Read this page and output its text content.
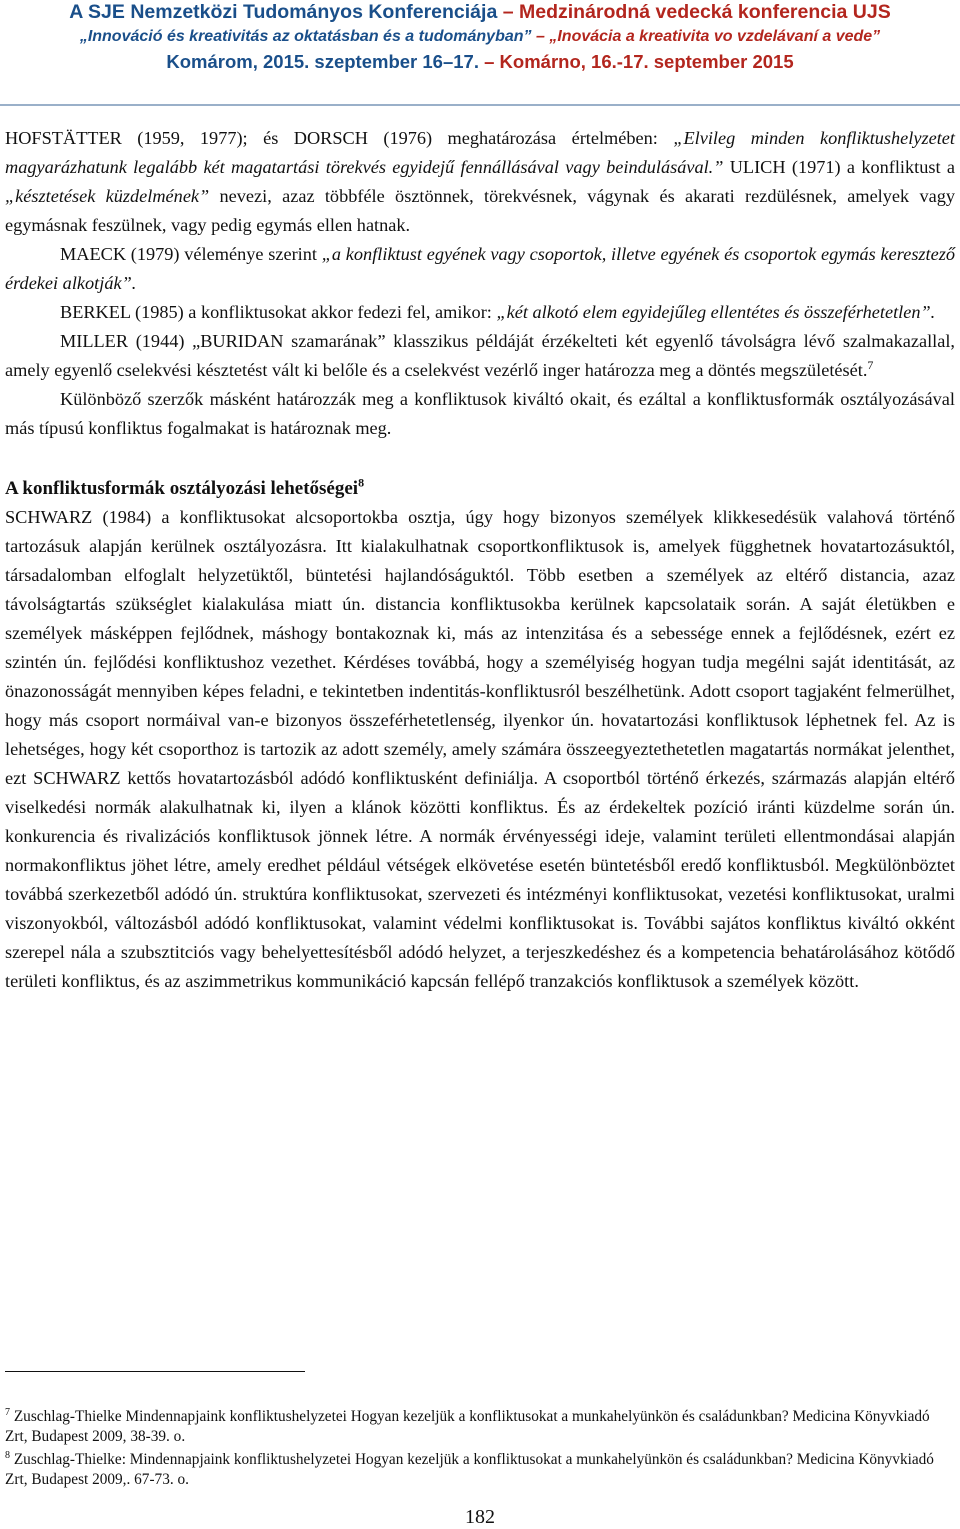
A SJE Nemzetközi Tudományos Konferenciája – Medzinárodná vedecká konferencia UJS
„Innováció és kreativitás az oktatásban és a tudományban” – „Inovácia a kreativita vo vzdelávaní a vede”
Komárom, 2015. szeptember 16–17. – Komárno, 16.-17. september 2015

HOFSTÄTTER (1959, 1977); és DORSCH (1976) meghatározása értelmében: „Elvileg minden konfliktushelyzetet magyarázhatunk legalább két magatartási törekvés egyidejű fennállásával vagy beindulásával.” ULICH (1971) a konfliktust a „késztetések küzdelmének” nevezi, azaz többféle ösztönnek, törekvésnek, vágynak és akarati rezdülésnek, amelyek vagy egymásnak feszülnek, vagy pedig egymás ellen hatnak.

MAECK (1979) véleménye szerint „a konfliktust egyének vagy csoportok, illetve egyének és csoportok egymás keresztező érdekei alkotják”.

BERKEL (1985) a konfliktusokat akkor fedezi fel, amikor: „két alkotó elem egyidejűleg ellentétes és összeférhetetlen”.

MILLER (1944) „BURIDAN szamarának” klasszikus példáját érzékelteti két egyenlő távolságra lévő szalmakazallal, amely egyenlő cselekvési késztetést vált ki belőle és a cselekvést vezérlő inger határozza meg a döntés megszületését.$^7$

Különböző szerzők másként határozzák meg a konfliktusok kiváltó okait, és ezáltal a konfliktusformák osztályozásával más típusú konfliktus fogalmakat is határoznak meg.

A konfliktusformák osztályozási lehetőségei$^8$

SCHWARZ (1984) a konfliktusokat alcsoportokba osztja, úgy hogy bizonyos személyek klikkesedésük valahová történő tartozásuk alapján kerülnek osztályozásra. Itt kialakulhatnak csoportkonfliktusok is, amelyek függhetnek hovatartozásuktól, társadalomban elfoglalt helyzetüktől, büntetési hajlandóságuktól. Több esetben a személyek az eltérő distancia, azaz távolságtartás szükséglet kialakulása miatt ún. distancia konfliktusokba kerülnek kapcsolataik során. A saját életükben e személyek másképpen fejlődnek, máshogy bontakoznak ki, más az intenzitása és a sebessége ennek a fejlődésnek, ezért ez szintén ún. fejlődési konfliktushoz vezethet. Kérdéses továbbá, hogy a személyiség hogyan tudja megélni saját identitását, az önazonosságát mennyiben képes feladni, e tekintetben indentitás-konfliktusról beszélhetünk. Adott csoport tagjaként felmerülhet, hogy más csoport normáival van-e bizonyos összeférhetetlenség, ilyenkor ún. hovatartozási konfliktusok léphetnek fel. Az is lehetséges, hogy két csoporthoz is tartozik az adott személy, amely számára összeegyeztethetetlen magatartás normákat jelenthet, ezt SCHWARZ kettős hovatartozásból adódó konfliktusként definiálja. A csoportból történő érkezés, származás alapján eltérő viselkedési normák alakulhatnak ki, ilyen a klánok közötti konfliktus. És az érdekeltek pozíció iránti küzdelme során ún. konkurencia és rivalizációs konfliktusok jönnek létre. A normák érvényességi ideje, valamint területi ellentmondásai alapján normakonfliktus jöhet létre, amely eredhet például vétségek elkövetése esetén büntetésből eredő konfliktusból. Megkülönböztet továbbá szerkezetből adódó ún. struktúra konfliktusokat, szervezeti és intézményi konfliktusokat, vezetési konfliktusokat, uralmi viszonyokból, változásból adódó konfliktusokat, valamint védelmi konfliktusokat is. További sajátos konfliktus kiváltó okként szerepel nála a szubsztitciós vagy behelyettesítésből adódó helyzet, a terjeszkedéshez és a kompetencia behatárolásához kötődő területi konfliktus, és az aszimmetrikus kommunikáció kapcsán fellépő tranzakciós konfliktusok a személyek között.

$^7$ Zuschlag-Thielke Mindennapjaink konfliktushelyzetei Hogyan kezeljük a konfliktusokat a munkahelyünkön és családunkban? Medicina Könyvkiadó Zrt, Budapest 2009, 38-39. o.

$^8$ Zuschlag-Thielke: Mindennapjaink konfliktushelyzetei Hogyan kezeljük a konfliktusokat a munkahelyünkön és családunkban? Medicina Könyvkiadó Zrt, Budapest 2009,. 67-73. o.

182
